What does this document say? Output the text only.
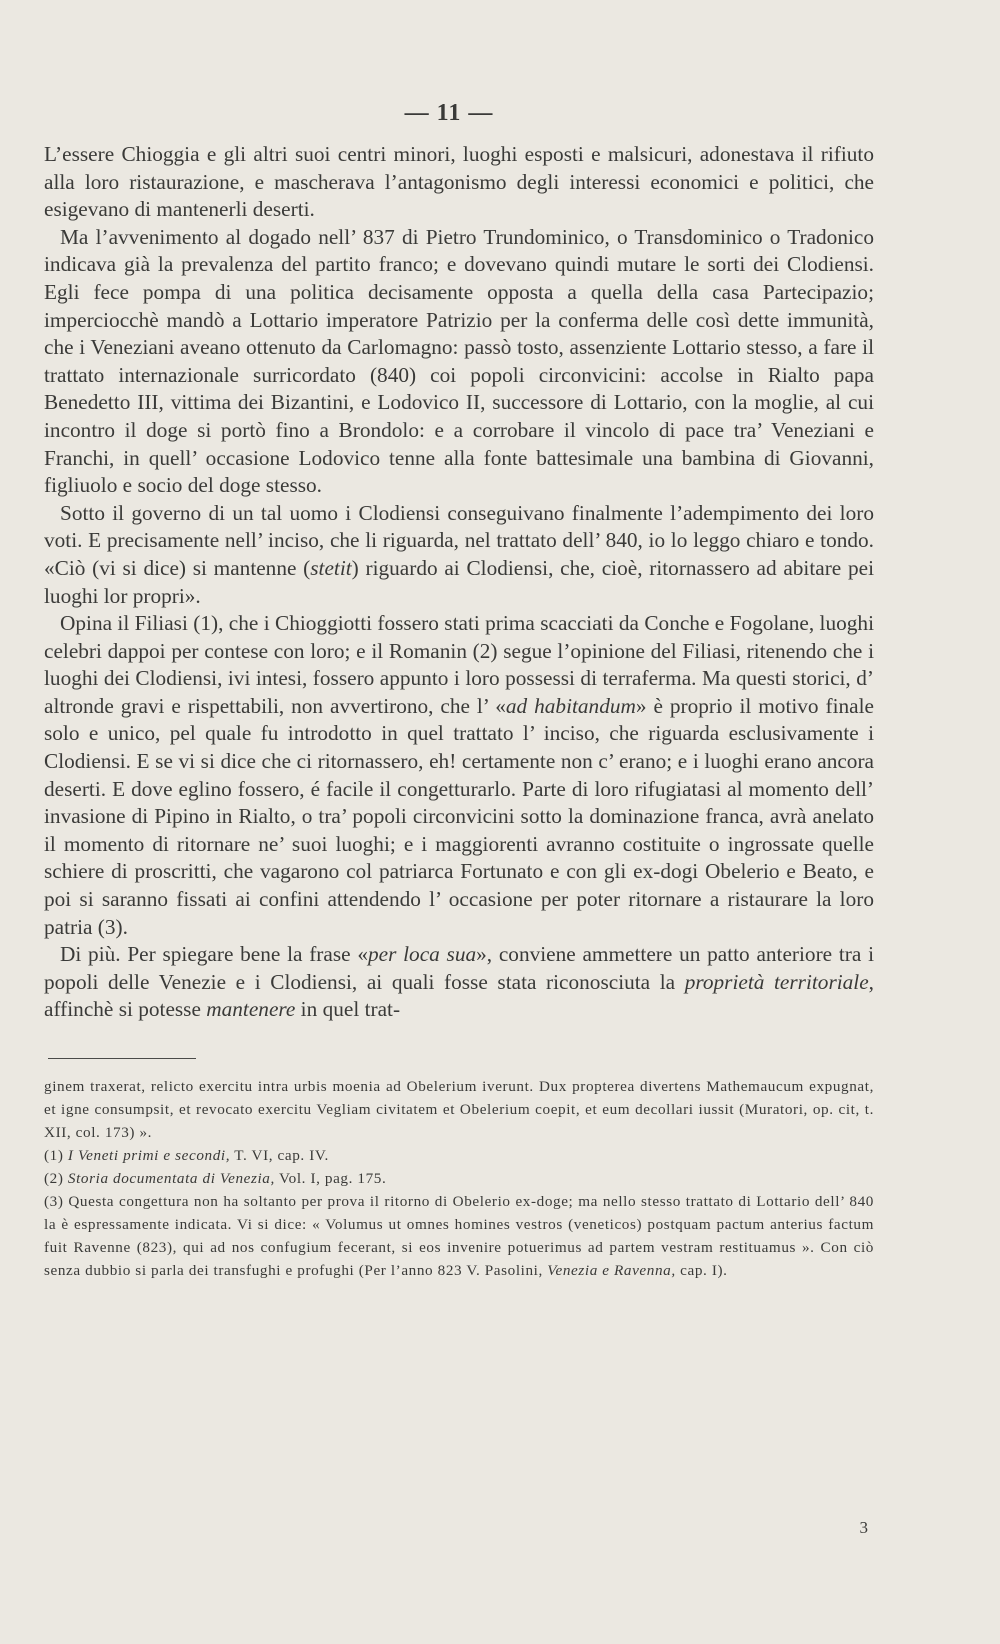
— 11 —

L’essere Chioggia e gli altri suoi centri minori, luoghi esposti e malsicuri, adonestava il rifiuto alla loro ristaurazione, e mascherava l’antagonismo degli interessi economici e politici, che esigevano di mantenerli deserti.

Ma l’avvenimento al dogado nell’ 837 di Pietro Trundominico, o Transdominico o Tradonico indicava già la prevalenza del partito franco; e dovevano quindi mutare le sorti dei Clodiensi. Egli fece pompa di una politica decisamente opposta a quella della casa Partecipazio; imperciocchè mandò a Lottario imperatore Patrizio per la conferma delle così dette immunità, che i Veneziani aveano ottenuto da Carlomagno: passò tosto, assenziente Lottario stesso, a fare il trattato internazionale surricordato (840) coi popoli circonvicini: accolse in Rialto papa Benedetto III, vittima dei Bizantini, e Lodovico II, successore di Lottario, con la moglie, al cui incontro il doge si portò fino a Brondolo: e a corrobare il vincolo di pace tra’ Veneziani e Franchi, in quell’ occasione Lodovico tenne alla fonte battesimale una bambina di Giovanni, figliuolo e socio del doge stesso.

Sotto il governo di un tal uomo i Clodiensi conseguivano finalmente l’adempimento dei loro voti. E precisamente nell’ inciso, che li riguarda, nel trattato dell’ 840, io lo leggo chiaro e tondo. «Ciò (vi si dice) si mantenne (stetit) riguardo ai Clodiensi, che, cioè, ritornassero ad abitare pei luoghi lor propri».

Opina il Filiasi (1), che i Chioggiotti fossero stati prima scacciati da Conche e Fogolane, luoghi celebri dappoi per contese con loro; e il Romanin (2) segue l’opinione del Filiasi, ritenendo che i luoghi dei Clodiensi, ivi intesi, fossero appunto i loro possessi di terraferma. Ma questi storici, d’ altronde gravi e rispettabili, non avvertirono, che l’ «ad habitandum» è proprio il motivo finale solo e unico, pel quale fu introdotto in quel trattato l’ inciso, che riguarda esclusivamente i Clodiensi. E se vi si dice che ci ritornassero, eh! certamente non c’ erano; e i luoghi erano ancora deserti. E dove eglino fossero, é facile il congetturarlo. Parte di loro rifugiatasi al momento dell’ invasione di Pipino in Rialto, o tra’ popoli circonvicini sotto la dominazione franca, avrà anelato il momento di ritornare ne’ suoi luoghi; e i maggiorenti avranno costituite o ingrossate quelle schiere di proscritti, che vagarono col patriarca Fortunato e con gli ex-dogi Obelerio e Beato, e poi si saranno fissati ai confini attendendo l’ occasione per poter ritornare a ristaurare la loro patria (3).

Di più. Per spiegare bene la frase «per loca sua», conviene ammettere un patto anteriore tra i popoli delle Venezie e i Clodiensi, ai quali fosse stata riconosciuta la proprietà territoriale, affinchè si potesse mantenere in quel trat-

ginem traxerat, relicto exercitu intra urbis moenia ad Obelerium iverunt. Dux propterea divertens Mathemaucum expugnat, et igne consumpsit, et revocato exercitu Vegliam civitatem et Obelerium coepit, et eum decollari iussit (Muratori, op. cit, t. XII, col. 173) ».

(1) I Veneti primi e secondi, T. VI, cap. IV.

(2) Storia documentata di Venezia, Vol. I, pag. 175.

(3) Questa congettura non ha soltanto per prova il ritorno di Obelerio ex-doge; ma nello stesso trattato di Lottario dell’ 840 la è espressamente indicata. Vi si dice: « Volumus ut omnes homines vestros (veneticos) postquam pactum anterius factum fuit Ravenne (823), qui ad nos confugium fecerant, si eos invenire potuerimus ad partem vestram restituamus ». Con ciò senza dubbio si parla dei transfughi e profughi (Per l’anno 823 V. Pasolini, Venezia e Ravenna, cap. I).

3
